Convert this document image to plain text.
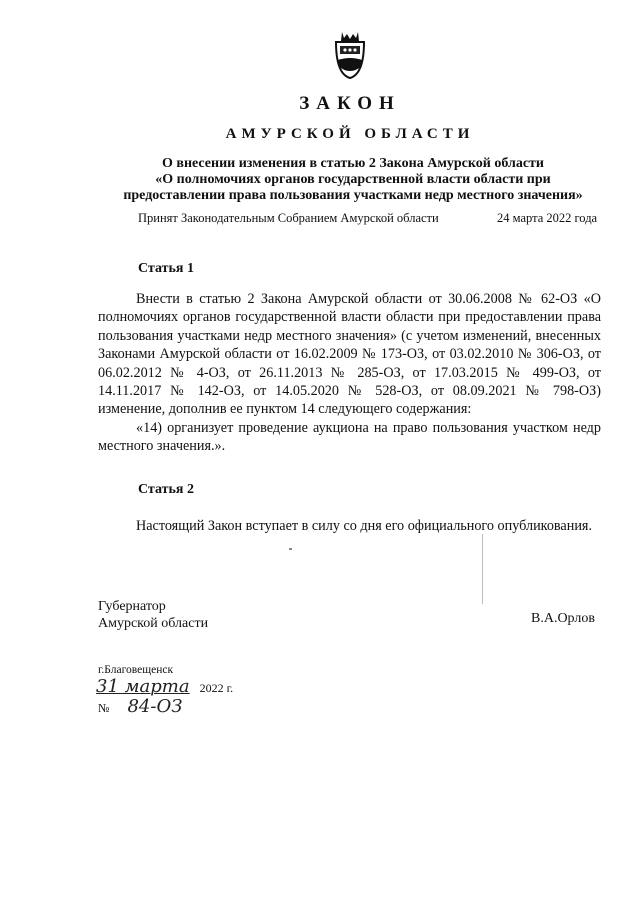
ЗАКОН
АМУРСКОЙ ОБЛАСТИ
О внесении изменения в статью 2 Закона Амурской области
«О полномочиях органов государственной власти области при
предоставлении права пользования участками недр местного значения»
Принят Законодательным Собранием Амурской области	24 марта 2022 года
Статья 1

Внести в статью 2 Закона Амурской области от 30.06.2008 № 62-ОЗ «О полномочиях органов государственной власти области при предоставлении права пользования участками недр местного значения» (с учетом изменений, внесенных Законами Амурской области от 16.02.2009 № 173-ОЗ, от 03.02.2010 № 306-ОЗ, от 06.02.2012 № 4-ОЗ, от 26.11.2013 № 285-ОЗ, от 17.03.2015 № 499-ОЗ, от 14.11.2017 № 142-ОЗ, от 14.05.2020 № 528-ОЗ, от 08.09.2021 № 798-ОЗ) изменение, дополнив ее пунктом 14 следующего содержания:

«14) организует проведение аукциона на право пользования участком недр местного значения.».

Статья 2

Настоящий Закон вступает в силу со дня его официального опубликования.

Губернатор
Амурской области	В.А.Орлов
г.Благовещенск
31 марта 2022 г.
№ 84-ОЗ
